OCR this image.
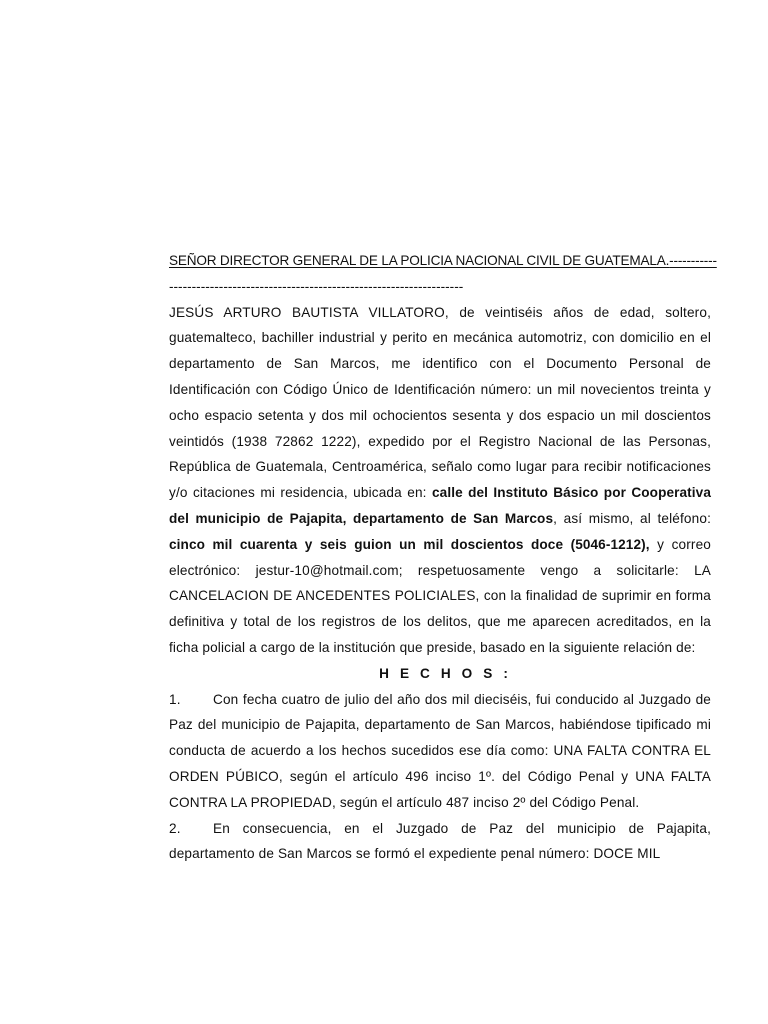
SEÑOR DIRECTOR GENERAL DE LA POLICIA NACIONAL CIVIL DE GUATEMALA.-----------
-----------------------------------------------------------------
JESÚS ARTURO BAUTISTA VILLATORO, de veintiséis años de edad, soltero, guatemalteco, bachiller industrial y perito en mecánica automotriz, con domicilio en el departamento de San Marcos, me identifico con el Documento Personal de Identificación con Código Único de Identificación número: un mil novecientos treinta y ocho espacio setenta y dos mil ochocientos sesenta y dos espacio un mil doscientos veintidós (1938 72862 1222), expedido por el Registro Nacional de las Personas, República de Guatemala, Centroamérica, señalo como lugar para recibir notificaciones y/o citaciones mi residencia, ubicada en: calle del Instituto Básico por Cooperativa del municipio de Pajapita, departamento de San Marcos, así mismo, al teléfono: cinco mil cuarenta y seis guion un mil doscientos doce (5046-1212), y correo electrónico: jestur-10@hotmail.com; respetuosamente vengo a solicitarle: LA CANCELACION DE ANCEDENTES POLICIALES, con la finalidad de suprimir en forma definitiva y total de los registros de los delitos, que me aparecen acreditados, en la ficha policial a cargo de la institución que preside, basado en la siguiente relación de:
HECHOS:
1. Con fecha cuatro de julio del año dos mil dieciséis, fui conducido al Juzgado de Paz del municipio de Pajapita, departamento de San Marcos, habiéndose tipificado mi conducta de acuerdo a los hechos sucedidos ese día como: UNA FALTA CONTRA EL ORDEN PÚBICO, según el artículo 496 inciso 1º. del Código Penal y UNA FALTA CONTRA LA PROPIEDAD, según el artículo 487 inciso 2º del Código Penal.
2. En consecuencia, en el Juzgado de Paz del municipio de Pajapita, departamento de San Marcos se formó el expediente penal número: DOCE MIL
